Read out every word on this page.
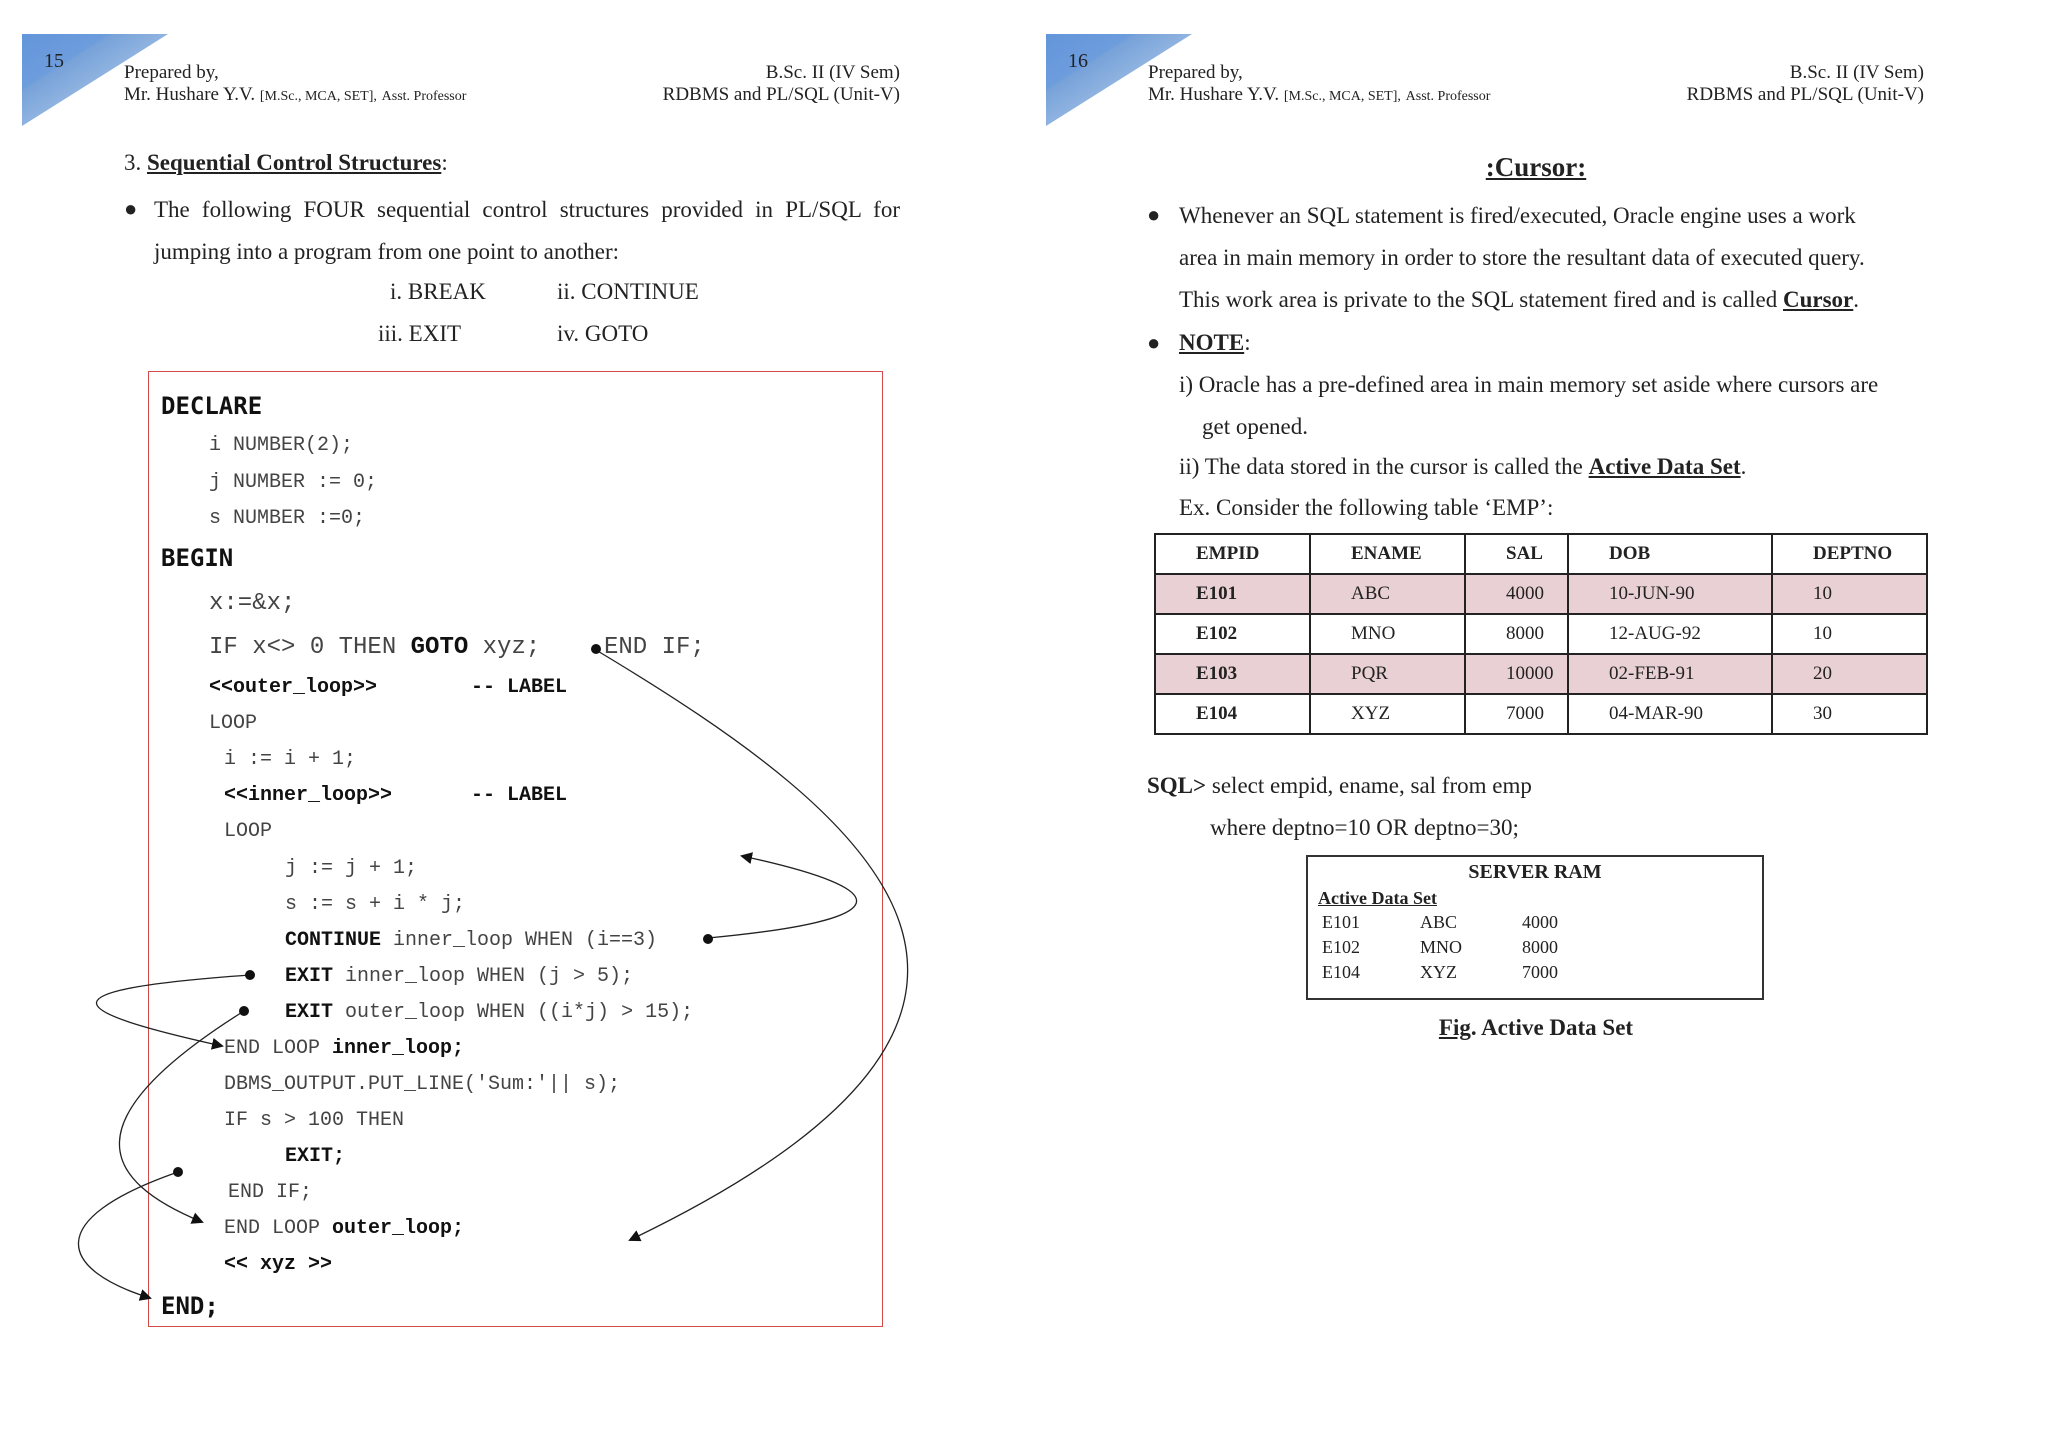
15
Prepared by,
Mr. Hushare Y.V. [M.Sc., MCA, SET], Asst. Professor
B.Sc. II (IV Sem)
RDBMS and PL/SQL (Unit-V)
3. Sequential Control Structures:
● The following FOUR sequential control structures provided in PL/SQL for jumping into a program from one point to another:
i. BREAK	ii. CONTINUE
iii. EXIT	iv. GOTO
DECLARE
i NUMBER(2);
j NUMBER := 0;
s NUMBER :=0;
BEGIN
x:=&x;
IF x<> 0 THEN GOTO xyz;	END IF;
<<outer_loop>>	-- LABEL
LOOP
i := i + 1;
<<inner_loop>>	-- LABEL
LOOP
j := j + 1;
s := s + i * j;
CONTINUE inner_loop WHEN (i==3)
EXIT inner_loop WHEN (j > 5);
EXIT outer_loop WHEN ((i*j) > 15);
END LOOP inner_loop;
DBMS_OUTPUT.PUT_LINE('Sum:'|| s);
IF s > 100 THEN
EXIT;
END IF;
END LOOP outer_loop;
<< xyz >>
END;
16
Prepared by,
Mr. Hushare Y.V. [M.Sc., MCA, SET], Asst. Professor
B.Sc. II (IV Sem)
RDBMS and PL/SQL (Unit-V)
:Cursor:
● Whenever an SQL statement is fired/executed, Oracle engine uses a work
area in main memory in order to store the resultant data of executed query.
This work area is private to the SQL statement fired and is called Cursor.
● NOTE:
i) Oracle has a pre-defined area in main memory set aside where cursors are
get opened.
ii) The data stored in the cursor is called the Active Data Set.
Ex. Consider the following table ‘EMP’:
EMPID	ENAME	SAL	DOB	DEPTNO
E101	ABC	4000	10-JUN-90	10
E102	MNO	8000	12-AUG-92	10
E103	PQR	10000	02-FEB-91	20
E104	XYZ	7000	04-MAR-90	30
SQL> select empid, ename, sal from emp
where deptno=10 OR deptno=30;
SERVER RAM
Active Data Set
E101	ABC	4000
E102	MNO	8000
E104	XYZ	7000
Fig. Active Data Set
